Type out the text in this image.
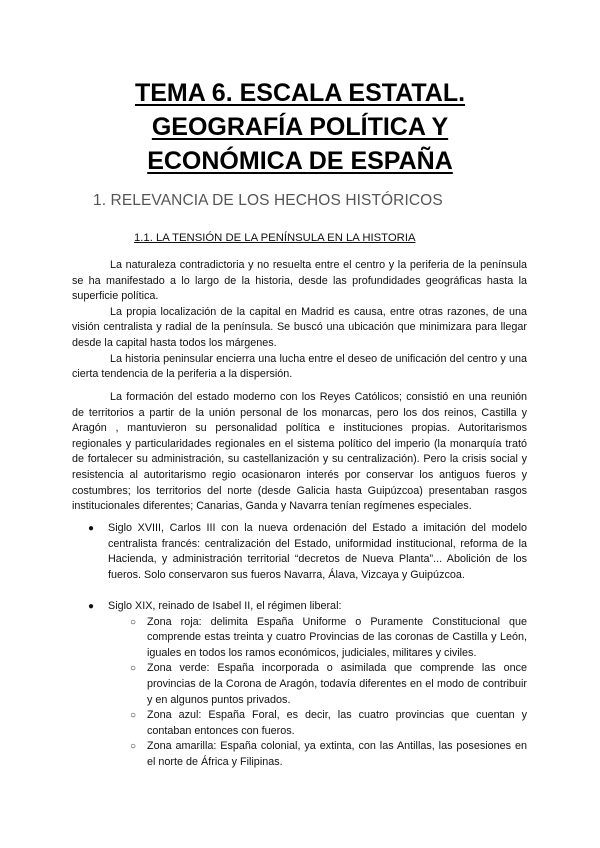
TEMA 6. ESCALA ESTATAL.
GEOGRAFÍA POLÍTICA Y
ECONÓMICA DE ESPAÑA
1. RELEVANCIA DE LOS HECHOS HISTÓRICOS
1.1. LA TENSIÓN DE LA PENÍNSULA EN LA HISTORIA

La naturaleza contradictoria y no resuelta entre el centro y la periferia de la península se ha manifestado a lo largo de la historia, desde las profundidades geográficas hasta la superficie política.

La propia localización de la capital en Madrid es causa, entre otras razones, de una visión centralista y radial de la península. Se buscó una ubicación que minimizara para llegar desde la capital hasta todos los márgenes.

La historia peninsular encierra una lucha entre el deseo de unificación del centro y una cierta tendencia de la periferia a la dispersión.

La formación del estado moderno con los Reyes Católicos; consistió en una reunión de territorios a partir de la unión personal de los monarcas, pero los dos reinos, Castilla y Aragón , mantuvieron su personalidad política e instituciones propias. Autoritarismos regionales y particularidades regionales en el sistema político del imperio (la monarquía trató de fortalecer su administración, su castellanización y su centralización). Pero la crisis social y resistencia al autoritarismo regio ocasionaron interés por conservar los antiguos fueros y costumbres; los territorios del norte (desde Galicia hasta Guipúzcoa) presentaban rasgos institucionales diferentes; Canarias, Ganda y Navarra tenían regímenes especiales.

● Siglo XVIII, Carlos III con la nueva ordenación del Estado a imitación del modelo centralista francés: centralización del Estado, uniformidad institucional, reforma de la Hacienda, y administración territorial “decretos de Nueva Planta”... Abolición de los fueros. Solo conservaron sus fueros Navarra, Álava, Vizcaya y Guipúzcoa.
● Siglo XIX, reinado de Isabel II, el régimen liberal:
○ Zona roja: delimita España Uniforme o Puramente Constitucional que comprende estas treinta y cuatro Provincias de las coronas de Castilla y León, iguales en todos los ramos económicos, judiciales, militares y civiles.
○ Zona verde: España incorporada o asimilada que comprende las once provincias de la Corona de Aragón, todavía diferentes en el modo de contribuir y en algunos puntos privados.
○ Zona azul: España Foral, es decir, las cuatro provincias que cuentan y contaban entonces con fueros.
○ Zona amarilla: España colonial, ya extinta, con las Antillas, las posesiones en el norte de África y Filipinas.
